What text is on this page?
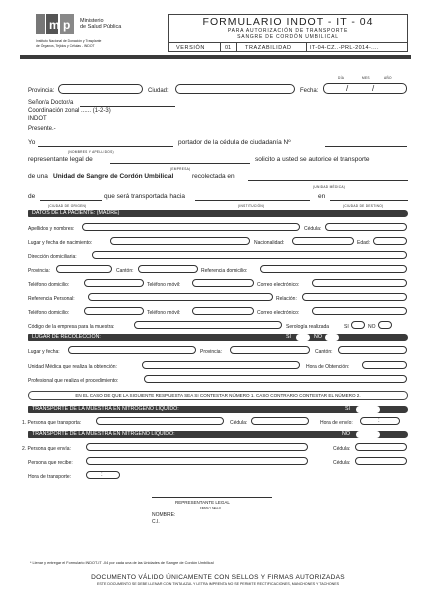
m p Ministerio
de Salud Pública
Instituto Nacional de Donación y Trasplante
de Órganos, Tejidos y Células - INDOT
FORMULARIO INDOT - IT - 04
PARA AUTORIZACIÓN DE TRANSPORTE
SANGRE DE CORDÓN UMBILICAL
VERSIÓN	01	TRAZABILIDAD	IT-04-CZ..-PRL-2014-....
DÍA	MES	AÑO
Provincia:	Ciudad:	Fecha:	/	/
Señor/a Doctor/a
Coordinación zonal ...... (1-2-3)
INDOT
Presente.-
Yo
(NOMBRES Y APELLIDOS)
portador de la cédula de ciudadanía Nº
representante legal de
(EMPRESA)
solicito a usted se autorice el transporte
de una Unidad de Sangre de Cordón Umbilical	recolectada en
(UNIDAD MÉDICA)
de
(CIUDAD DE ORIGEN)
que será transportada hacia
(INSTITUCIÓN)
en
(CIUDAD DE DESTINO)
DATOS DE LA PACIENTE: (MADRE)
Apellidos y nombres:	Cédula:
Lugar y fecha de nacimiento:	Nacionalidad:	Edad:
Dirección domiciliaria:
Provincia:	Cantón:	Referencia domicilio:
Teléfono domicilio:	Teléfono móvil:	Correo electrónico:
Referencia Personal:	Relación:
Teléfono domicilio:	Teléfono móvil:	Correo electrónico:
Código de la empresa para la muestra:	Serología realizada	SI	NO
LUGAR DE RECOLECCIÓN:	SI	NO
Lugar y fecha:	Provincia:	Cantón:
Unidad Médica que realiza la obtención:	Hora de Obtención:
Profesional que realiza el procedimiento:
EN EL CASO DE QUE LA SIGUIENTE RESPUESTA SEA SI CONTESTAR NÚMERO 1. CASO CONTRARIO CONTESTAR EL NÚMERO 2.
TRANSPORTE DE LA MUESTRA EN NITRÓGENO LÍQUIDO:	SI
1. Persona que transporta:	Cédula:	Hora de envío:	:
TRANSPORTE DE LA MUESTRA EN NITRGENO LÍQUIDO:	NO
2. Persona que envía:	Cédula:
Persona que recibe:	Cédula:
Hora de transporte:	:
REPRESENTANTE LEGAL
FIRMA Y SELLO
NOMBRE:
C.I.
* Llenar y entregar el Formulario INDOT-IT -04 por cada una de las Unidades de Sangre de Cordón Umbilical
DOCUMENTO VÁLIDO ÚNICAMENTE CON SELLOS Y FIRMAS AUTORIZADAS
ESTE DOCUMENTO SE DEBE LLENAR CON TINTA AZUL Y LETRA IMPRENTA NO SE PERMITE RECTIFICACIONES, MANCHONES Y TACHONES
